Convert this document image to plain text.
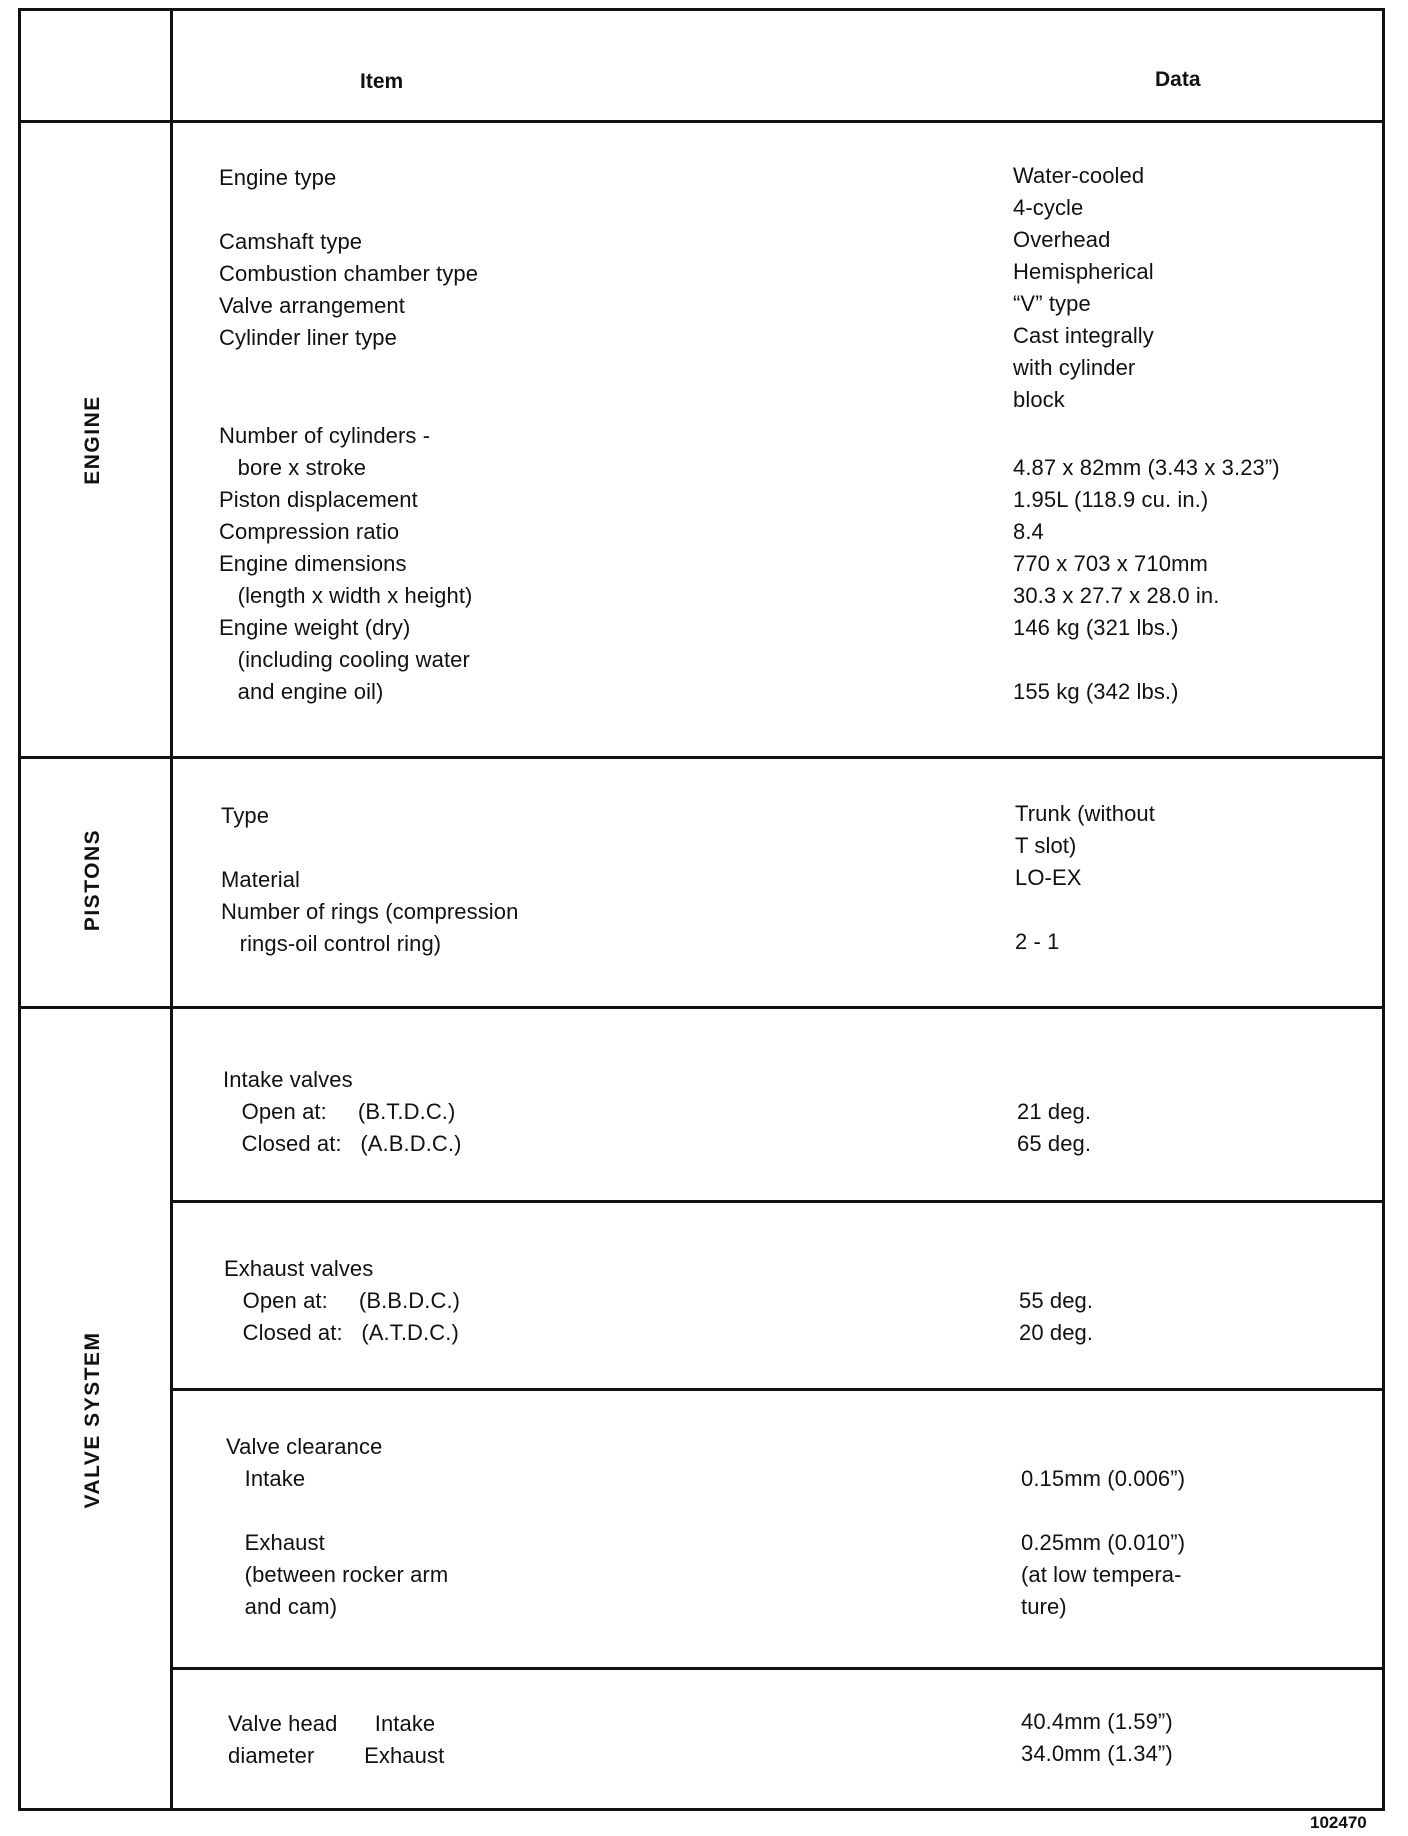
Item	Data
ENGINE
PISTONS
VALVE SYSTEM
Engine type
Camshaft type
Combustion chamber type
Valve arrangement
Cylinder liner type
Number of cylinders -
bore x stroke
Piston displacement
Compression ratio
Engine dimensions
(length x width x height)
Engine weight (dry)
(including cooling water
and engine oil)
Water-cooled
4-cycle
Overhead
Hemispherical
“V” type
Cast integrally
with cylinder
block
4.87 x 82mm (3.43 x 3.23”)
1.95L (118.9 cu. in.)
8.4
770 x 703 x 710mm
30.3 x 27.7 x 28.0 in.
146 kg (321 lbs.)
155 kg (342 lbs.)
Type
Material
Number of rings (compression
rings-oil control ring)
Trunk (without
T slot)
LO-EX
2 - 1
Intake valves
Open at:     (B.T.D.C.)
Closed at:   (A.B.D.C.)
21 deg.
65 deg.
Exhaust valves
Open at:     (B.B.D.C.)
Closed at:   (A.T.D.C.)
55 deg.
20 deg.
Valve clearance
Intake
Exhaust
(between rocker arm
and cam)
0.15mm (0.006”)
0.25mm (0.010”)
(at low tempera-
ture)
Valve head      Intake
diameter        Exhaust
40.4mm (1.59”)
34.0mm (1.34”)
102470
